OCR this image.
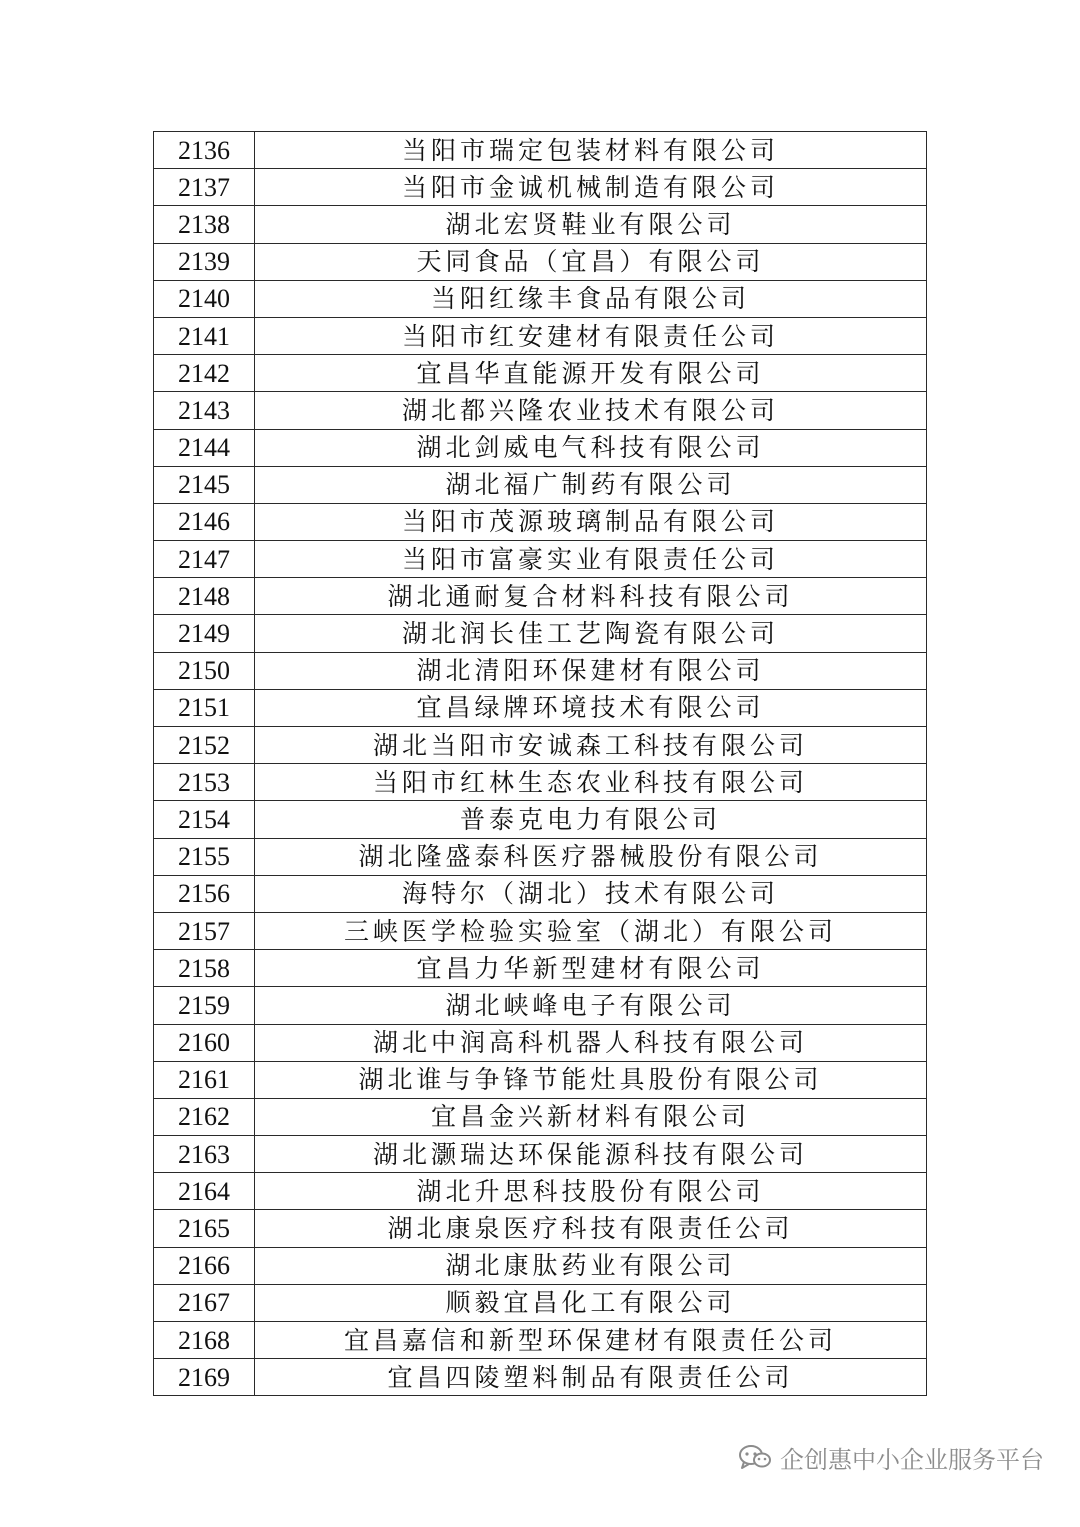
2136	当阳市瑞定包装材料有限公司
2137	当阳市金诚机械制造有限公司
2138	湖北宏贤鞋业有限公司
2139	天同食品（宜昌）有限公司
2140	当阳红缘丰食品有限公司
2141	当阳市红安建材有限责任公司
2142	宜昌华直能源开发有限公司
2143	湖北都兴隆农业技术有限公司
2144	湖北剑威电气科技有限公司
2145	湖北福广制药有限公司
2146	当阳市茂源玻璃制品有限公司
2147	当阳市富豪实业有限责任公司
2148	湖北通耐复合材料科技有限公司
2149	湖北润长佳工艺陶瓷有限公司
2150	湖北清阳环保建材有限公司
2151	宜昌绿牌环境技术有限公司
2152	湖北当阳市安诚森工科技有限公司
2153	当阳市红林生态农业科技有限公司
2154	普泰克电力有限公司
2155	湖北隆盛泰科医疗器械股份有限公司
2156	海特尔（湖北）技术有限公司
2157	三峡医学检验实验室（湖北）有限公司
2158	宜昌力华新型建材有限公司
2159	湖北峡峰电子有限公司
2160	湖北中润高科机器人科技有限公司
2161	湖北谁与争锋节能灶具股份有限公司
2162	宜昌金兴新材料有限公司
2163	湖北灏瑞达环保能源科技有限公司
2164	湖北升思科技股份有限公司
2165	湖北康泉医疗科技有限责任公司
2166	湖北康肽药业有限公司
2167	顺毅宜昌化工有限公司
2168	宜昌嘉信和新型环保建材有限责任公司
2169	宜昌四陵塑料制品有限责任公司
企创惠中小企业服务平台
